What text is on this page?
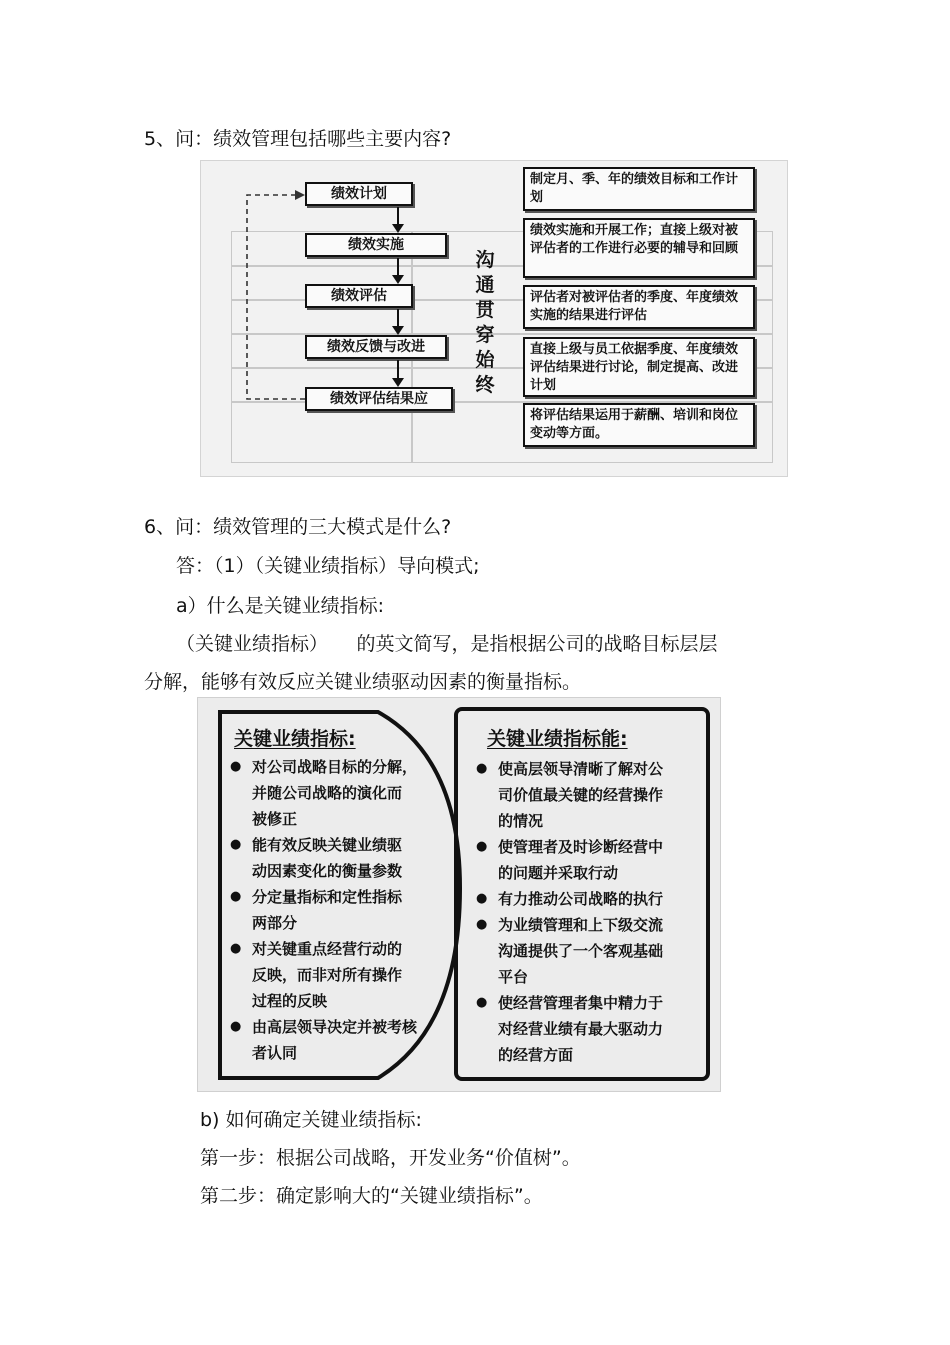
5、问：绩效管理包括哪些主要内容?
绩效计划
绩效实施
绩效评估
绩效反馈与改进
绩效评估结果应
沟
通
贯
穿
始
终
制定月、季、年的绩效目标和工作计划
绩效实施和开展工作；直接上级对被评估者的工作进行必要的辅导和回顾
评估者对被评估者的季度、年度绩效实施的结果进行评估
直接上级与员工依据季度、年度绩效评估结果进行讨论，制定提高、改进计划
将评估结果运用于薪酬、培训和岗位变动等方面。
6、问：绩效管理的三大模式是什么?
答：（1）（关键业绩指标）导向模式;
a）什么是关键业绩指标:
（关键业绩指标）　　的英文简写，是指根据公司的战略目标层层
分解，能够有效反应关键业绩驱动因素的衡量指标。
关键业绩指标:	关键业绩指标能:
● 对公司战略目标的分解，
并随公司战略的演化而
被修正
● 能有效反映关键业绩驱
动因素变化的衡量参数
● 分定量指标和定性指标
两部分
● 对关键重点经营行动的
反映，而非对所有操作
过程的反映
● 由高层领导决定并被考核
者认同
● 使高层领导清晰了解对公
司价值最关键的经营操作
的情况
● 使管理者及时诊断经营中
的问题并采取行动
● 有力推动公司战略的执行
● 为业绩管理和上下级交流
沟通提供了一个客观基础
平台
● 使经营管理者集中精力于
对经营业绩有最大驱动力
的经营方面
b) 如何确定关键业绩指标:
第一步：根据公司战略，开发业务“价值树”。
第二步：确定影响大的“关键业绩指标”。
